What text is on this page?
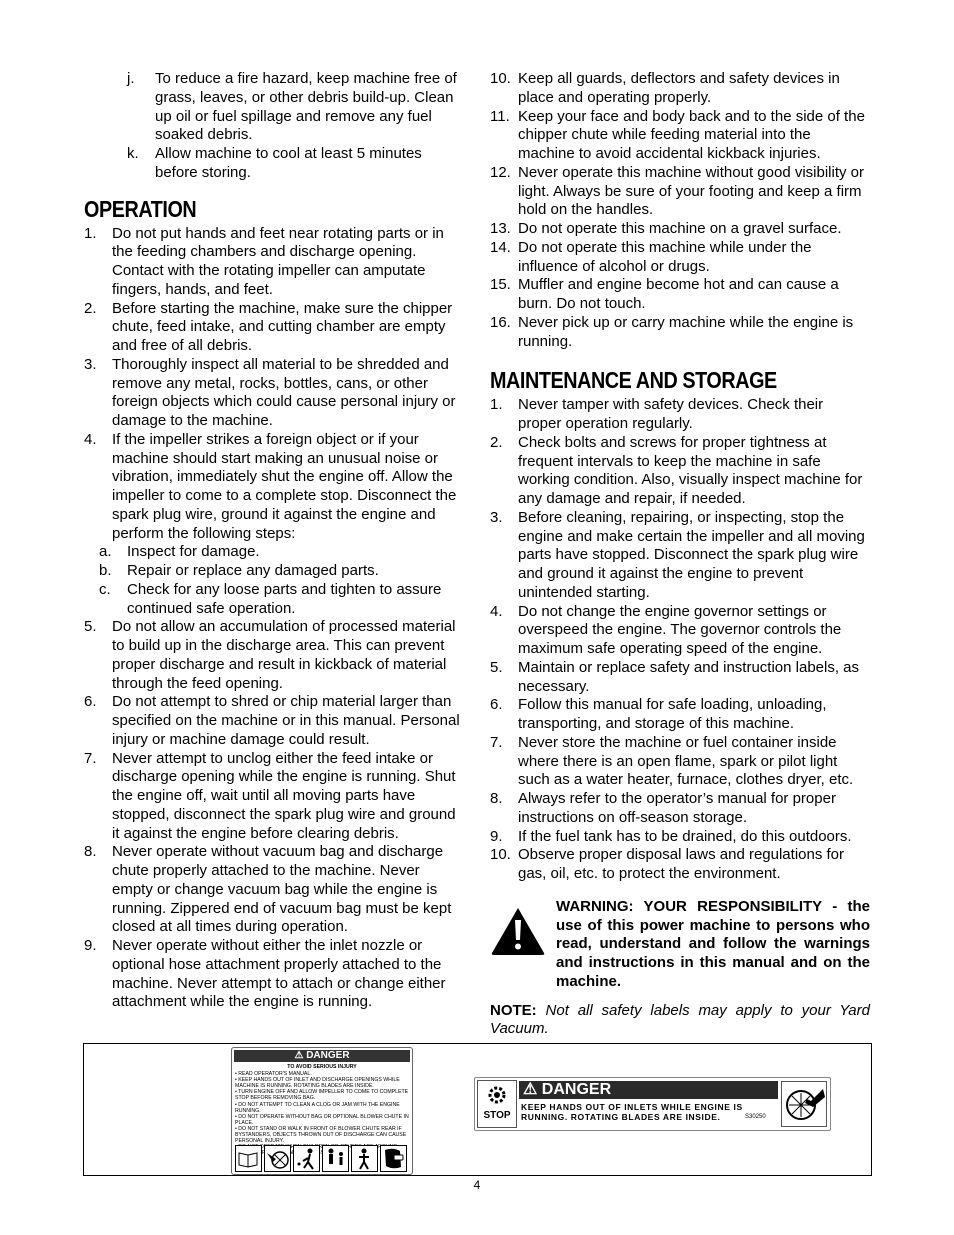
j. To reduce a fire hazard, keep machine free of grass, leaves, or other debris build-up. Clean up oil or fuel spillage and remove any fuel soaked debris.
k. Allow machine to cool at least 5 minutes before storing.
OPERATION
1. Do not put hands and feet near rotating parts or in the feeding chambers and discharge opening. Contact with the rotating impeller can amputate fingers, hands, and feet.
2. Before starting the machine, make sure the chipper chute, feed intake, and cutting chamber are empty and free of all debris.
3. Thoroughly inspect all material to be shredded and remove any metal, rocks, bottles, cans, or other foreign objects which could cause personal injury or damage to the machine.
4. If the impeller strikes a foreign object or if your machine should start making an unusual noise or vibration, immediately shut the engine off. Allow the impeller to come to a complete stop. Disconnect the spark plug wire, ground it against the engine and perform the following steps:
a. Inspect for damage.
b. Repair or replace any damaged parts.
c. Check for any loose parts and tighten to assure continued safe operation.
5. Do not allow an accumulation of processed material to build up in the discharge area. This can prevent proper discharge and result in kickback of material through the feed opening.
6. Do not attempt to shred or chip material larger than specified on the machine or in this manual. Personal injury or machine damage could result.
7. Never attempt to unclog either the feed intake or discharge opening while the engine is running. Shut the engine off, wait until all moving parts have stopped, disconnect the spark plug wire and ground it against the engine before clearing debris.
8. Never operate without vacuum bag and discharge chute properly attached to the machine. Never empty or change vacuum bag while the engine is running. Zippered end of vacuum bag must be kept closed at all times during operation.
9. Never operate without either the inlet nozzle or optional hose attachment properly attached to the machine. Never attempt to attach or change either attachment while the engine is running.
10. Keep all guards, deflectors and safety devices in place and operating properly.
11. Keep your face and body back and to the side of the chipper chute while feeding material into the machine to avoid accidental kickback injuries.
12. Never operate this machine without good visibility or light. Always be sure of your footing and keep a firm hold on the handles.
13. Do not operate this machine on a gravel surface.
14. Do not operate this machine while under the influence of alcohol or drugs.
15. Muffler and engine become hot and can cause a burn. Do not touch.
16. Never pick up or carry machine while the engine is running.
MAINTENANCE AND STORAGE
1. Never tamper with safety devices. Check their proper operation regularly.
2. Check bolts and screws for proper tightness at frequent intervals to keep the machine in safe working condition. Also, visually inspect machine for any damage and repair, if needed.
3. Before cleaning, repairing, or inspecting, stop the engine and make certain the impeller and all moving parts have stopped. Disconnect the spark plug wire and ground it against the engine to prevent unintended starting.
4. Do not change the engine governor settings or overspeed the engine. The governor controls the maximum safe operating speed of the engine.
5. Maintain or replace safety and instruction labels, as necessary.
6. Follow this manual for safe loading, unloading, transporting, and storage of this machine.
7. Never store the machine or fuel container inside where there is an open flame, spark or pilot light such as a water heater, furnace, clothes dryer, etc.
8. Always refer to the operator’s manual for proper instructions on off-season storage.
9. If the fuel tank has to be drained, do this outdoors.
10. Observe proper disposal laws and regulations for gas, oil, etc. to protect the environment.
WARNING: YOUR RESPONSIBILITY - the use of this power machine to persons who read, understand and follow the warnings and instructions in this manual and on the machine.
NOTE: Not all safety labels may apply to your Yard Vacuum.
⚠ DANGER
TO AVOID SERIOUS INJURY
• READ OPERATOR'S MANUAL.
• KEEP HANDS OUT OF INLET AND DISCHARGE OPENINGS WHILE MACHINE IS RUNNING. ROTATING BLADES ARE INSIDE.
• TURN ENGINE OFF AND ALLOW IMPELLER TO COME TO COMPLETE STOP BEFORE REMOVING BAG.
• DO NOT ATTEMPT TO CLEAN A CLOG OR JAM WITH THE ENGINE RUNNING.
• DO NOT OPERATE WITHOUT BAG OR OPTIONAL BLOWER CHUTE IN PLACE.
• DO NOT STAND OR WALK IN FRONT OF BLOWER CHUTE REAR IF BYSTANDERS, OBJECTS THROWN OUT OF DISCHARGE CAN CAUSE PERSONAL INJURY.
OTHERS
STOP
⚠ DANGER
KEEP HANDS OUT OF INLETS WHILE ENGINE IS
RUNNING. ROTATING BLADES ARE INSIDE.	S30250
4
